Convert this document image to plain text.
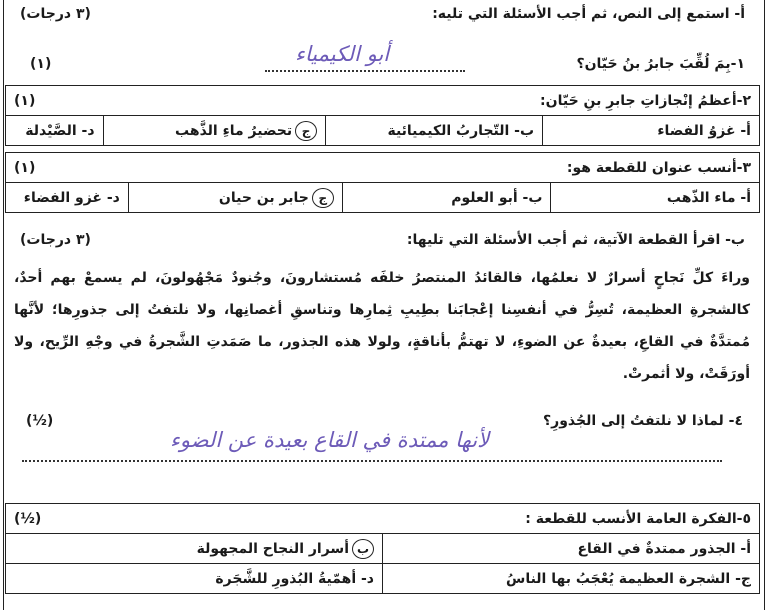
أ- استمع إلى النص، ثم أجب الأسئلة التي تليه:
(٣ درجات)
١-بِمَ لُقِّبَ جابرُ بنُ حَيّان؟
أبو الكيمياء
(١)
٢-أعظمُ إنْجازاتِ جابرِ بنِ حَيّان:			(١)
أ- غزوُ الفضاء	ب- التّجاربُ الكيميائية	جتحضيرُ ماءِ الذَّهب	د- الصَّيْدلة
٣-أنسب عنوان للقطعة هو:			(١)
أ- ماء الذّهب	ب- أبو العلوم	ججابر بن حيان	د- غزو الفضاء
ب- اقرأ القطعة الآتية، ثم أجب الأسئلة التي تليها:
(٣ درجات)
وراءَ كلِّ نَجاحٍ أسرارٌ لا نعلمُها، فالقائدُ المنتصرُ خلفَه مُستشارونَ، وجُنودٌ مَجْهُولونَ، لم يسمعْ بهم أحدٌ، كالشجرةِ العظيمة، تُسِرُّ في أنفسِنا إعْجابَنا بطِيبِ ثِمارِها وتناسقِ أغصانِها، ولا نلتفتُ إلى جذورِها؛ لأنَّها مُمتدَّةٌ في القاعِ، بعيدةٌ عن الضوءِ، لا تهتمُّ بأناقةٍ، ولولا هذه الجذور، ما صَمَدتِ الشَّجرةُ في وجْهِ الرِّيح، ولا أورَقَتْ، ولا أثمرتْ.
٤- لماذا لا نلتفتُ إلى الجُذورِ؟
(½)
لأنها ممتدة في القاع بعيدة عن الضوء
٥-الفكرة العامة الأنسب للقطعة :	(½)
أ- الجذور ممتدةٌ في القاع	بأسرار النجاح المجهولة
ج- الشجرة العظيمة يُعْجَبُ بها الناسُ	د- أهمّيةُ البُذورِ للشَّجَرة
